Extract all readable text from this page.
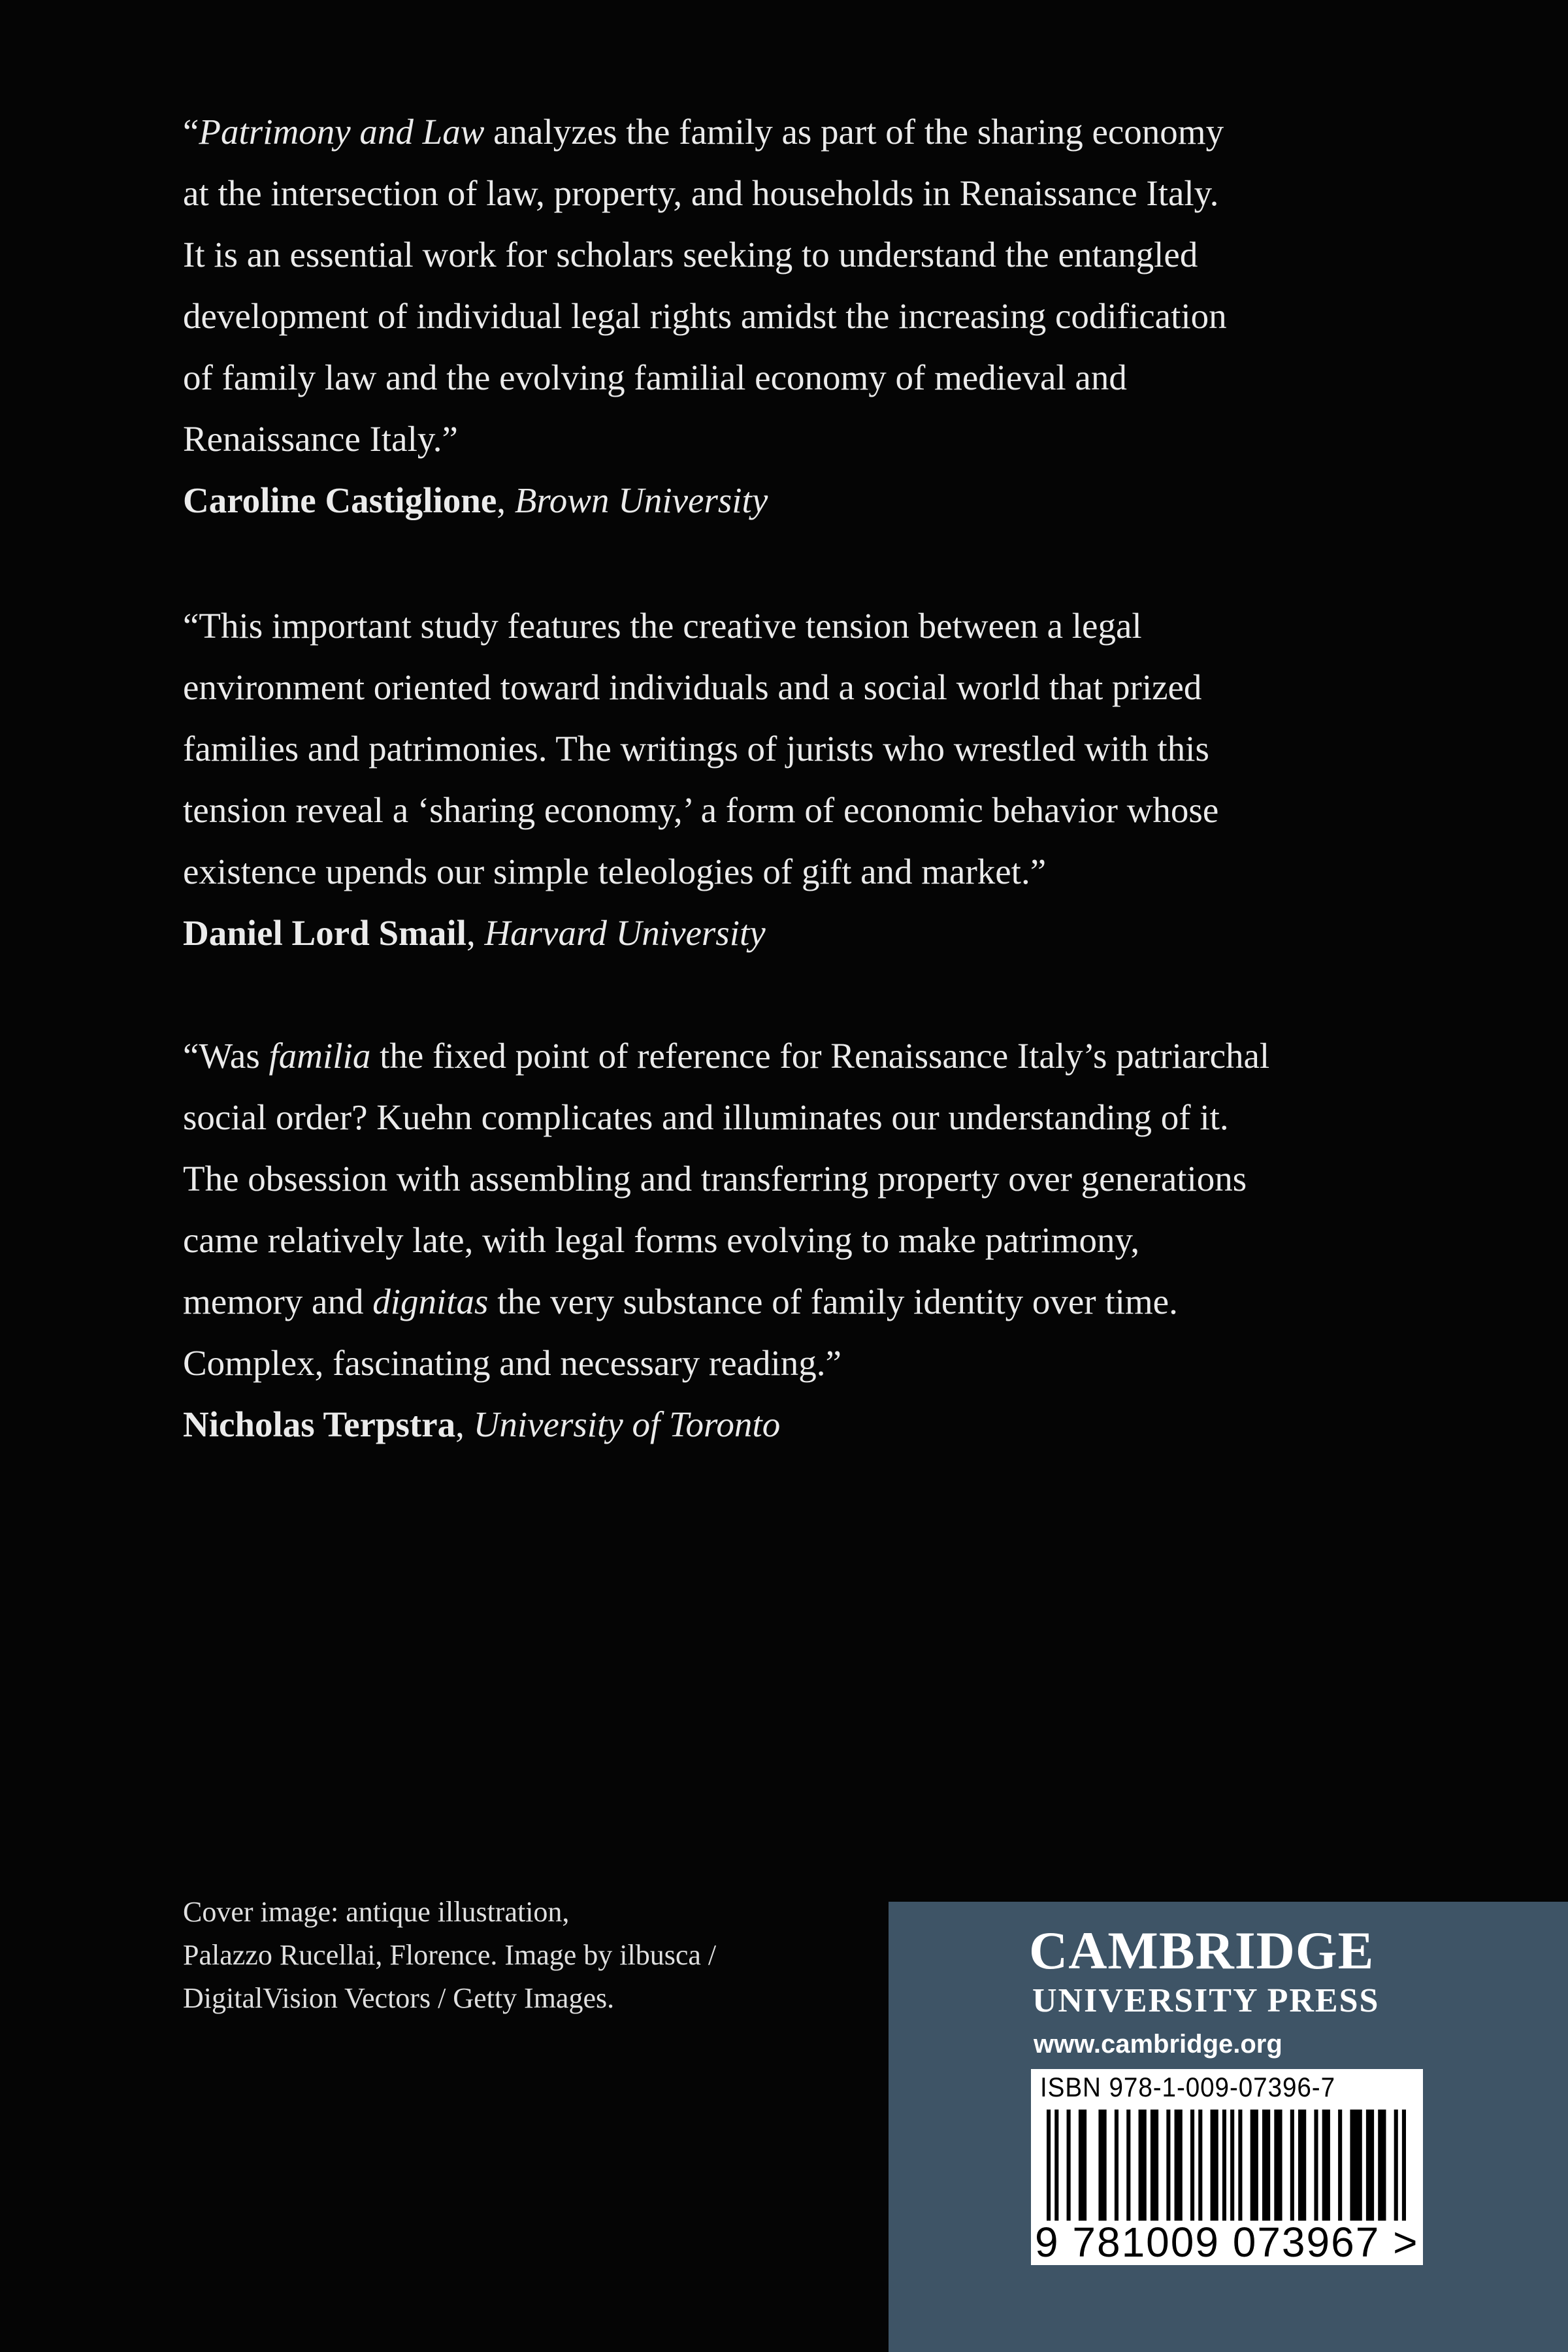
“Patrimony and Law analyzes the family as part of the sharing economy
at the intersection of law, property, and households in Renaissance Italy.
It is an essential work for scholars seeking to understand the entangled
development of individual legal rights amidst the increasing codification
of family law and the evolving familial economy of medieval and
Renaissance Italy.”

Caroline Castiglione, Brown University

“This important study features the creative tension between a legal
environment oriented toward individuals and a social world that prized
families and patrimonies. The writings of jurists who wrestled with this
tension reveal a ‘sharing economy,’ a form of economic behavior whose
existence upends our simple teleologies of gift and market.”

Daniel Lord Smail, Harvard University

“Was familia the fixed point of reference for Renaissance Italy’s patriarchal
social order? Kuehn complicates and illuminates our understanding of it.
The obsession with assembling and transferring property over generations
came relatively late, with legal forms evolving to make patrimony,
memory and dignitas the very substance of family identity over time.
Complex, fascinating and necessary reading.”

Nicholas Terpstra, University of Toronto

Cover image: antique illustration,
Palazzo Rucellai, Florence. Image by ilbusca /
DigitalVision Vectors / Getty Images.
CAMBRIDGE
UNIVERSITY PRESS
www.cambridge.org
ISBN 978-1-009-07396-7
9 781009 073967 >
